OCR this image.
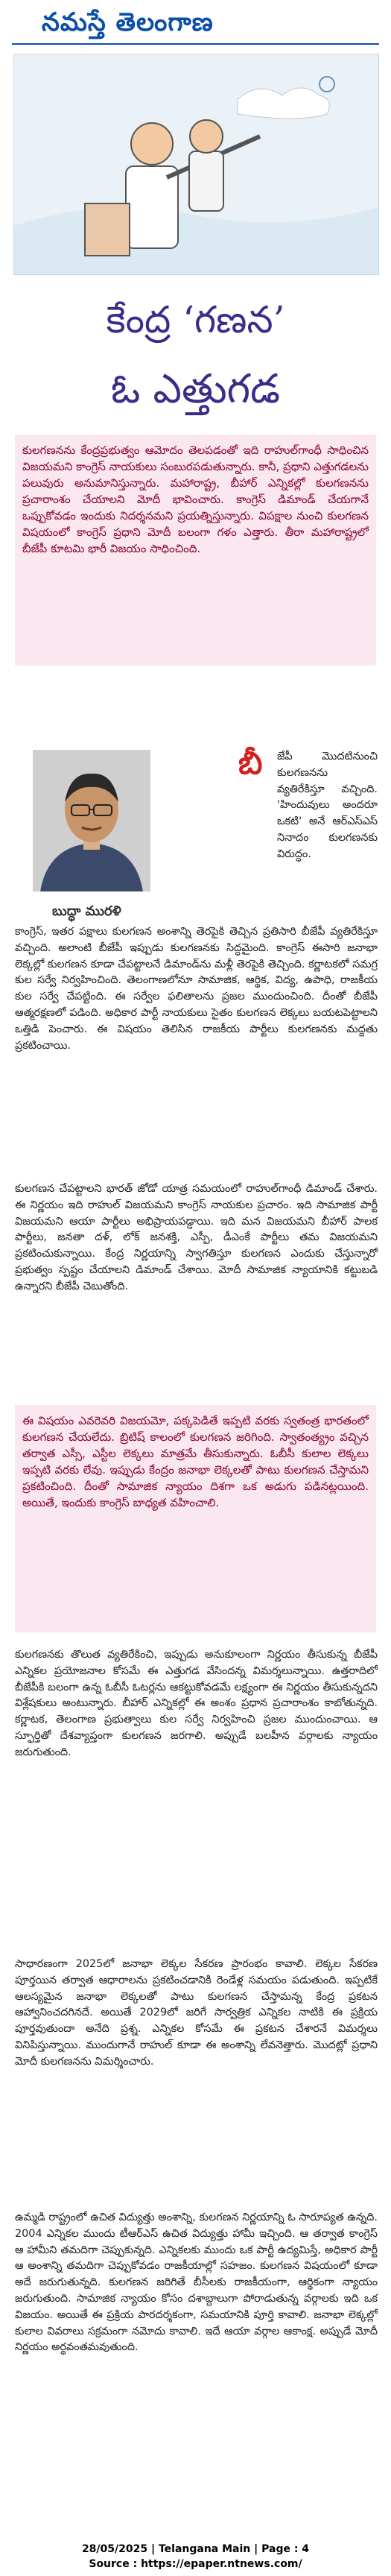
నమస్తే తెలంగాణ
కేంద్ర ‘గణన’
ఓ ఎత్తుగడ
కులగణనను కేంద్రప్రభుత్వం ఆమోదం తెలపడంతో ఇది రాహుల్‌గాంధీ సాధించిన విజయమని కాంగ్రెస్ నాయకులు సంబురపడుతున్నారు. కానీ, ప్రధాని ఎత్తుగడలను పలువురు అనుమానిస్తున్నారు. మహారాష్ట్ర, బీహార్ ఎన్నికల్లో కులగణనను ప్రచారాంశం చేయాలని మోదీ భావించారు. కాంగ్రెస్ డిమాండ్ చేయగానే ఒప్పుకోవడం ఇందుకు నిదర్శనమని ప్రయత్నిస్తున్నారు. విపక్షాల నుంచి కులగణన విషయంలో కాంగ్రెస్ ప్రధాని మోదీ బలంగా గళం ఎత్తారు. తీరా మహారాష్ట్రలో బీజేపీ కూటమి భారీ విజయం సాధించింది.
బుద్ధా మురళి
బీ జేపీ మొదటినుంచి కులగణనను వ్యతిరేకిస్తూ వచ్చింది. 'హిందువులు అందరూ ఒకటి' అనే ఆర్ఎస్ఎస్ నినాదం కులగణనకు విరుద్ధం.
కాంగ్రెస్, ఇతర పక్షాలు కులగణన అంశాన్ని తెరపైకి తెచ్చిన ప్రతిసారి బీజేపీ వ్యతిరేకిస్తూ వచ్చింది. అలాంటి బీజేపీ ఇప్పుడు కులగణనకు సిద్ధమైంది. కాంగ్రెస్ ఈసారి జనాభా లెక్కల్లో కులగణన కూడా చేపట్టాలనే డిమాండ్‌ను మళ్లీ తెరపైకి తెచ్చింది. కర్ణాటకలో సమగ్ర కుల సర్వే నిర్వహించింది. తెలంగాణలోనూ సామాజిక, ఆర్థిక, విద్య, ఉపాధి, రాజకీయ కుల సర్వే చేపట్టింది. ఈ సర్వేల ఫలితాలను ప్రజల ముందుంచింది. దీంతో బీజేపీ ఆత్మరక్షణలో పడింది. అధికార పార్టీ నాయకులు సైతం కులగణన లెక్కలు బయటపెట్టాలని ఒత్తిడి పెంచారు. ఈ విషయం తెలిసిన రాజకీయ పార్టీలు కులగణనకు మద్దతు ప్రకటించాయి.
కులగణన చేపట్టాలని భారత్ జోడో యాత్ర సమయంలో రాహుల్‌గాంధీ డిమాండ్ చేశారు. ఈ నిర్ణయం ఇది రాహుల్ విజయమని కాంగ్రెస్ నాయకుల ప్రచారం. ఇది సామాజిక పార్టీ విజయమని ఆయా పార్టీలు అభిప్రాయపడ్డాయి. ఇది మన విజయమని బీహార్ పాలక పార్టీలు, జనతా దళ్, లోక్ జనశక్తి, ఎస్పీ, డీఎంకే పార్టీలు తమ విజయమని ప్రకటించుకున్నాయి. కేంద్ర నిర్ణయాన్ని స్వాగతిస్తూ కులగణన ఎందుకు చేస్తున్నారో ప్రభుత్వం స్పష్టం చేయాలని డిమాండ్ చేశాయి. మోదీ సామాజిక న్యాయానికి కట్టుబడి ఉన్నారని బీజేపీ చెబుతోంది.
ఈ విషయం ఎవరెవరి విజయమో, పక్కపెడితే ఇప్పటి వరకు స్వతంత్ర భారతంలో కులగణన చేయలేదు. బ్రిటిష్ కాలంలో కులగణన జరిగింది. స్వాతంత్య్రం వచ్చిన తర్వాత ఎస్సీ, ఎస్టీల లెక్కలు మాత్రమే తీసుకున్నారు. ఓబీసీ కులాల లెక్కలు ఇప్పటి వరకు లేవు. ఇప్పుడు కేంద్రం జనాభా లెక్కలతో పాటు కులగణన చేస్తామని ప్రకటించింది. దీంతో సామాజిక న్యాయం దిశగా ఒక అడుగు పడినట్లయింది. అయితే, ఇందుకు కాంగ్రెస్ బాధ్యత వహించాలి.
కులగణనకు తొలుత వ్యతిరేకించి, ఇప్పుడు అనుకూలంగా నిర్ణయం తీసుకున్న బీజేపీ ఎన్నికల ప్రయోజనాల కోసమే ఈ ఎత్తుగడ వేసిందన్న విమర్శలున్నాయి. ఉత్తరాదిలో బీజేపీకి బలంగా ఉన్న ఓబీసీ ఓటర్లను ఆకట్టుకోవడమే లక్ష్యంగా ఈ నిర్ణయం తీసుకున్నదని విశ్లేషకులు అంటున్నారు. బీహార్ ఎన్నికల్లో ఈ అంశం ప్రధాన ప్రచారాంశం కాబోతున్నది. కర్ణాటక, తెలంగాణ ప్రభుత్వాలు కుల సర్వే నిర్వహించి ప్రజల ముందుంచాయి. ఆ స్ఫూర్తితో దేశవ్యాప్తంగా కులగణన జరగాలి. అప్పుడే బలహీన వర్గాలకు న్యాయం జరుగుతుంది.
సాధారణంగా 2025లో జనాభా లెక్కల సేకరణ ప్రారంభం కావాలి. లెక్కల సేకరణ పూర్తయిన తర్వాత ఆధారాలను ప్రకటించడానికి రెండేళ్ల సమయం పడుతుంది. ఇప్పటికే ఆలస్యమైన జనాభా లెక్కలతో పాటు కులగణన చేస్తామన్న కేంద్ర ప్రకటన ఆహ్వానించదగినదే. అయితే 2029లో జరిగే సార్వత్రిక ఎన్నికల నాటికి ఈ ప్రక్రియ పూర్తవుతుందా అనేది ప్రశ్న. ఎన్నికల కోసమే ఈ ప్రకటన చేశారనే విమర్శలు వినిపిస్తున్నాయి. ముందుగానే రాహుల్ కూడా ఈ అంశాన్ని లేవనెత్తారు. మొదట్లో ప్రధాని మోదీ కులగణనను విమర్శించారు.
ఉమ్మడి రాష్ట్రంలో ఉచిత విద్యుత్తు అంశాన్ని, కులగణన నిర్ణయాన్ని ఓ సారూప్యత ఉన్నది. 2004 ఎన్నికల ముందు టీఆర్ఎస్ ఉచిత విద్యుత్తు హామీ ఇచ్చింది. ఆ తర్వాత కాంగ్రెస్ ఆ హామీని తమదిగా చెప్పుకున్నది. ఎన్నికలకు ముందు ఒక పార్టీ ఉద్యమిస్తే, అధికార పార్టీ ఆ అంశాన్ని తమదిగా చెప్పుకోవడం రాజకీయాల్లో సహజం. కులగణన విషయంలో కూడా అదే జరుగుతున్నది. కులగణన జరిగితే బీసీలకు రాజకీయంగా, ఆర్థికంగా న్యాయం జరుగుతుంది. సామాజిక న్యాయం కోసం దశాబ్దాలుగా పోరాడుతున్న వర్గాలకు ఇది ఒక విజయం. అయితే ఈ ప్రక్రియ పారదర్శకంగా, సమయానికి పూర్తి కావాలి. జనాభా లెక్కల్లో కులాల వివరాలు సక్రమంగా నమోదు కావాలి. ఇదే ఆయా వర్గాల ఆకాంక్ష. అప్పుడే మోదీ నిర్ణయం అర్థవంతమవుతుంది.
28/05/2025 | Telangana Main | Page : 4
Source : https://epaper.ntnews.com/
